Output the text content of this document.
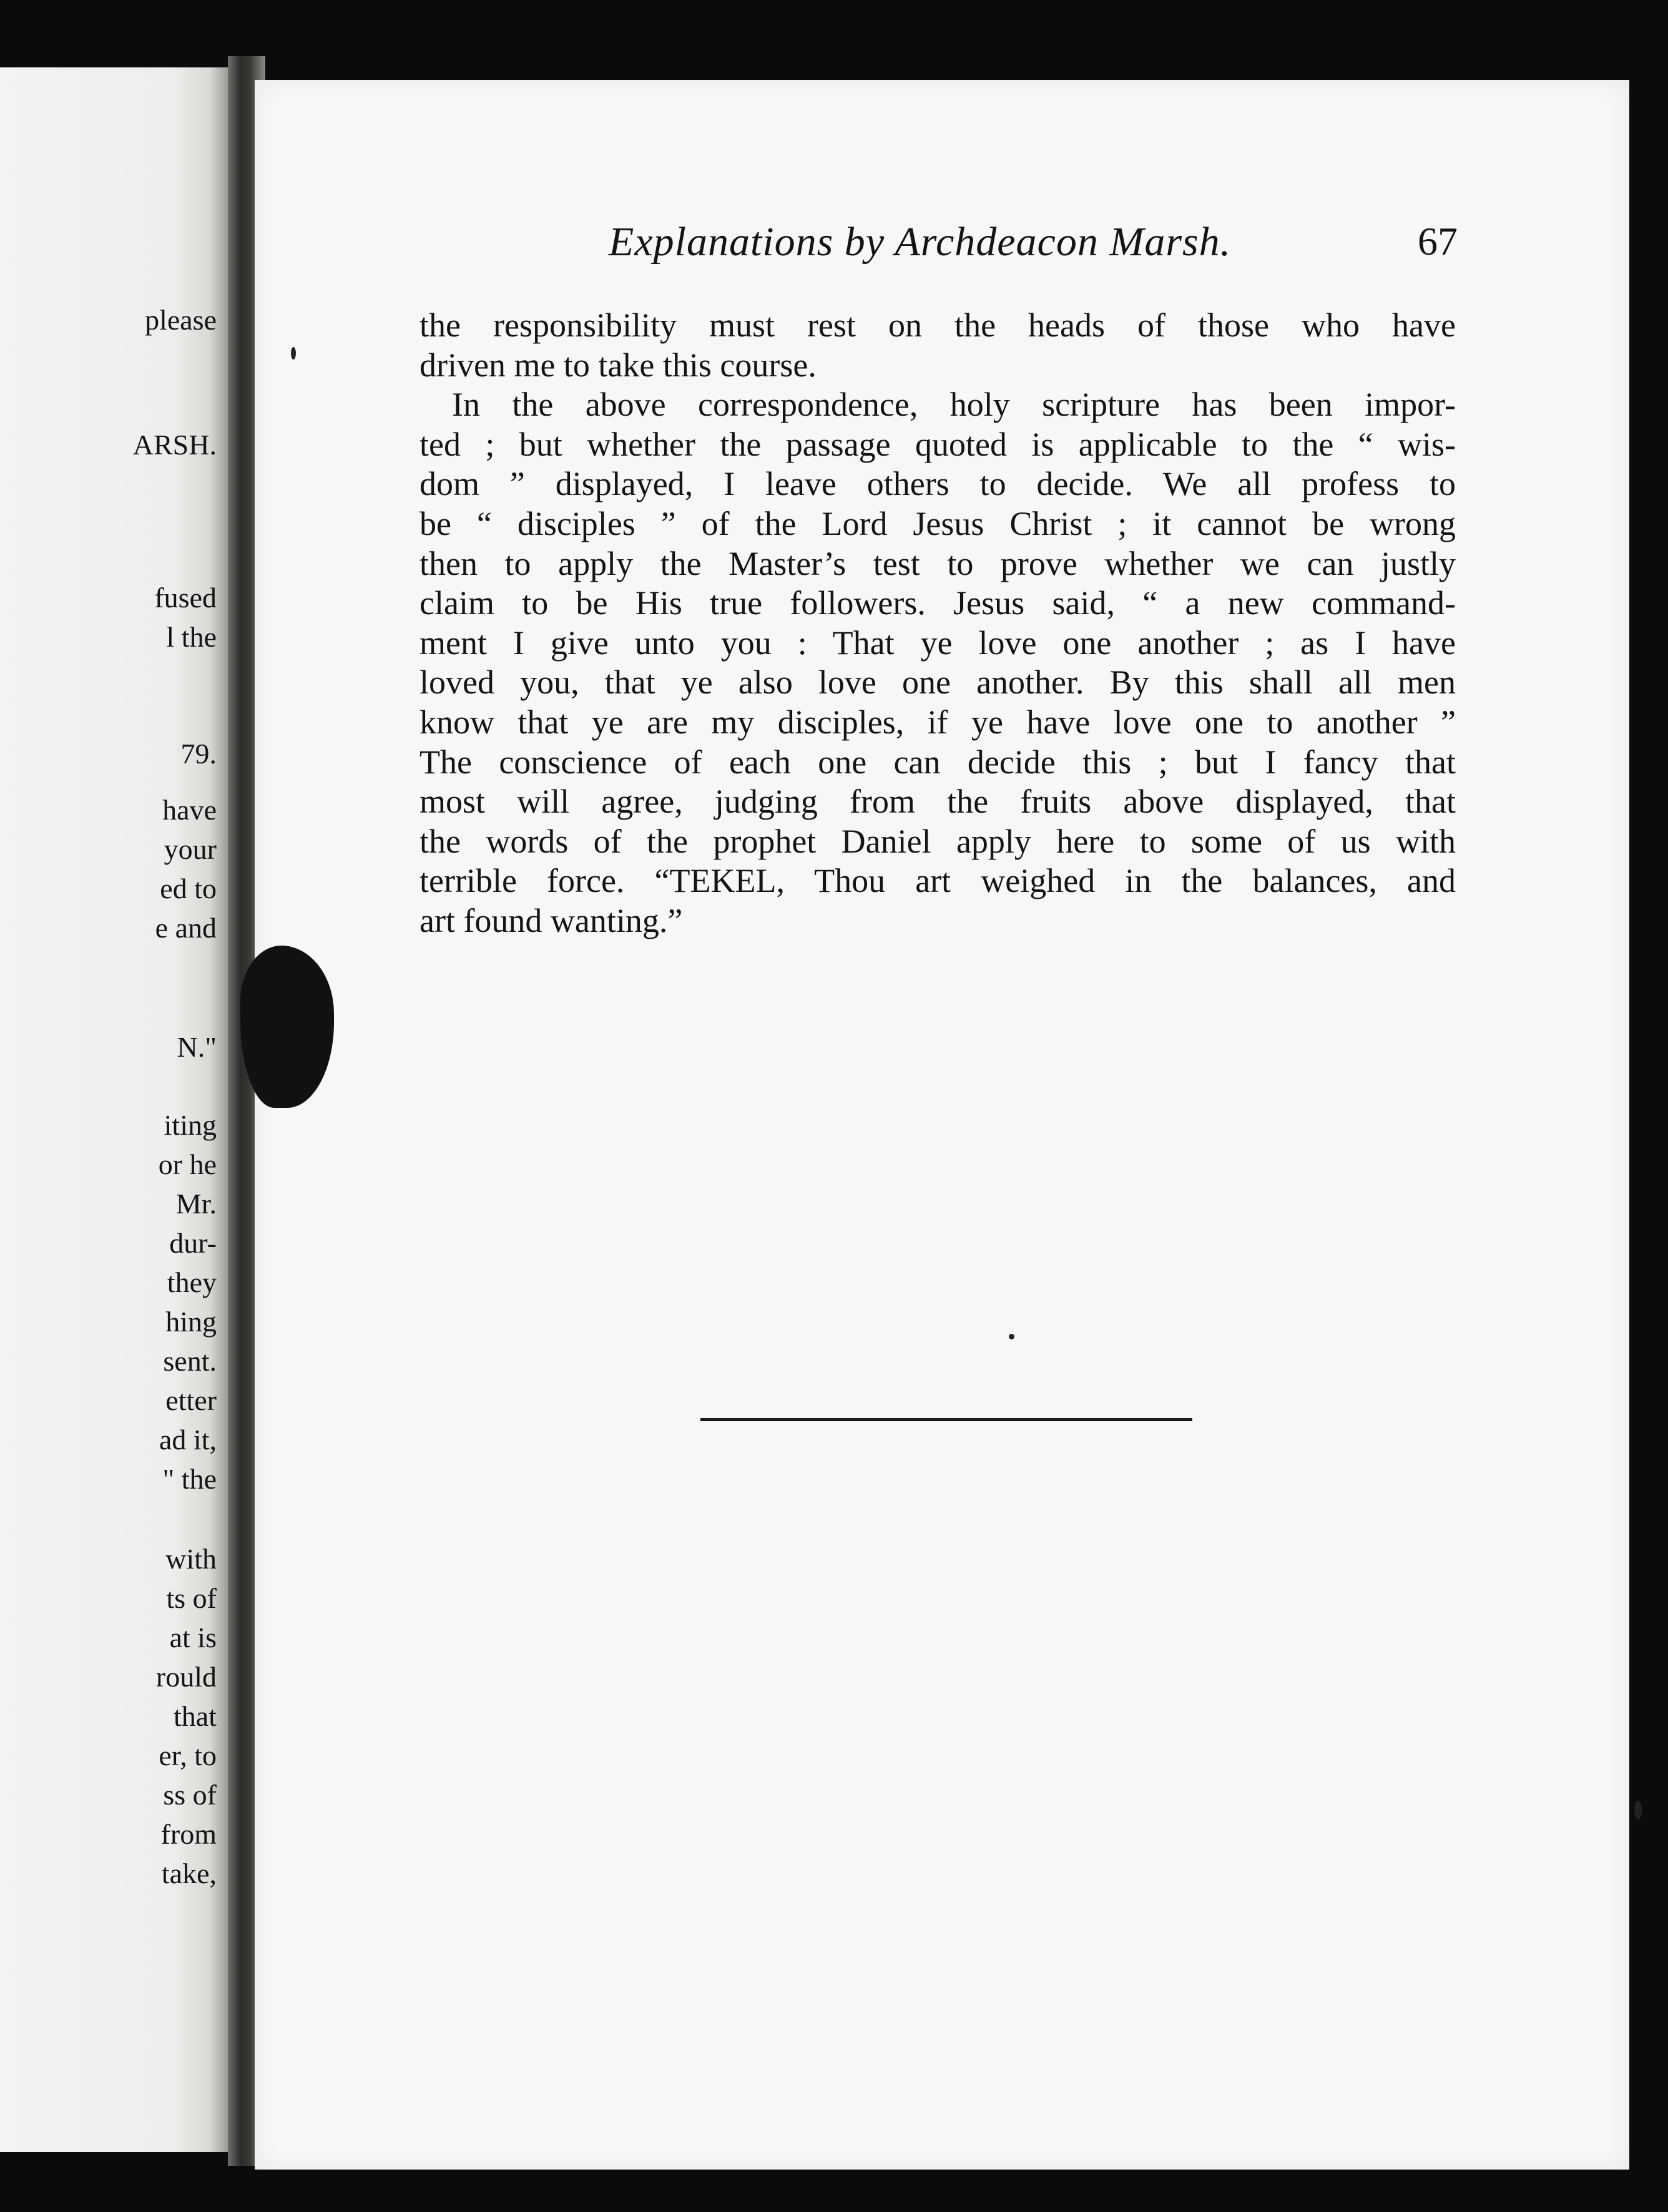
please

ARSH.

fused

l the

79.

have

your

ed to

e and

N."

iting

or he

Mr.

dur-

they

hing

sent.

etter

ad it,

" the

with

ts of

at is

rould

that

er, to

ss of

from

take,

Explanations by Archdeacon Marsh.	67
the responsibility must rest on the heads of those who have
driven me to take this course.
In the above correspondence, holy scripture has been impor-
ted ; but whether the passage quoted is applicable to the “ wis-
dom ” displayed, I leave others to decide. We all profess to
be “ disciples ” of the Lord Jesus Christ ; it cannot be wrong
then to apply the Master’s test to prove whether we can justly
claim to be His true followers. Jesus said, “ a new command-
ment I give unto you : That ye love one another ; as I have
loved you, that ye also love one another. By this shall all men
know that ye are my disciples, if ye have love one to another ”
The conscience of each one can decide this ; but I fancy that
most will agree, judging from the fruits above displayed, that
the words of the prophet Daniel apply here to some of us with
terrible force. “TEKEL, Thou art weighed in the balances, and
art found wanting.”
